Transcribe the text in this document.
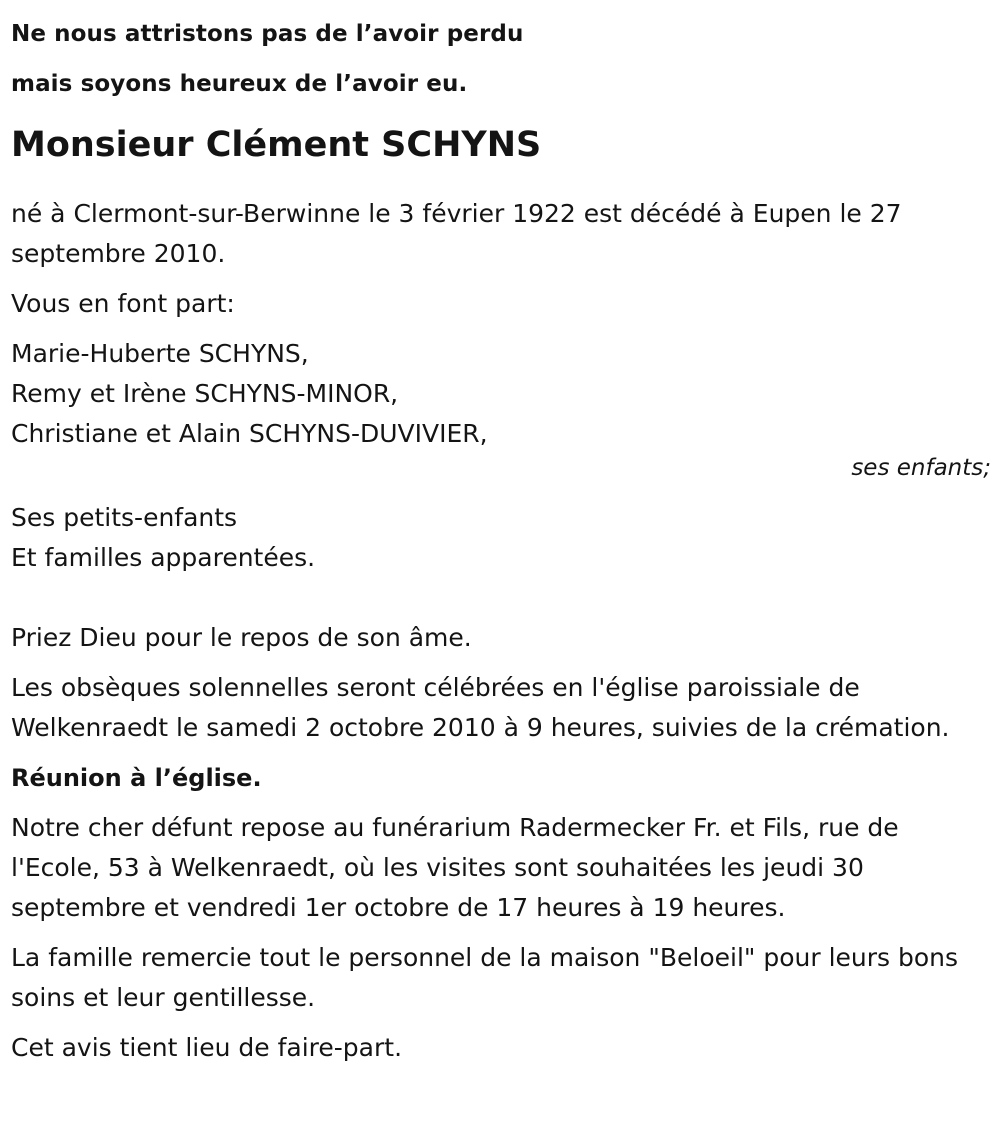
Ne nous attristons pas de l’avoir perdu
mais soyons heureux de l’avoir eu.
Monsieur Clément SCHYNS

né à Clermont-sur-Berwinne le 3 février 1922 est décédé à Eupen le 27 septembre 2010.

Vous en font part:

Marie-Huberte SCHYNS,
Remy et Irène SCHYNS-MINOR,
Christiane et Alain SCHYNS-DUVIVIER,
ses enfants;
Ses petits-enfants
Et familles apparentées.

Priez Dieu pour le repos de son âme.

Les obsèques solennelles seront célébrées en l'église paroissiale de Welkenraedt le samedi 2 octobre 2010 à 9 heures, suivies de la crémation.

Réunion à l’église.

Notre cher défunt repose au funérarium Radermecker Fr. et Fils, rue de l'Ecole, 53 à Welkenraedt, où les visites sont souhaitées les jeudi 30 septembre et vendredi 1er octobre de 17 heures à 19 heures.

La famille remercie tout le personnel de la maison "Beloeil" pour leurs bons soins et leur gentillesse.

Cet avis tient lieu de faire-part.
